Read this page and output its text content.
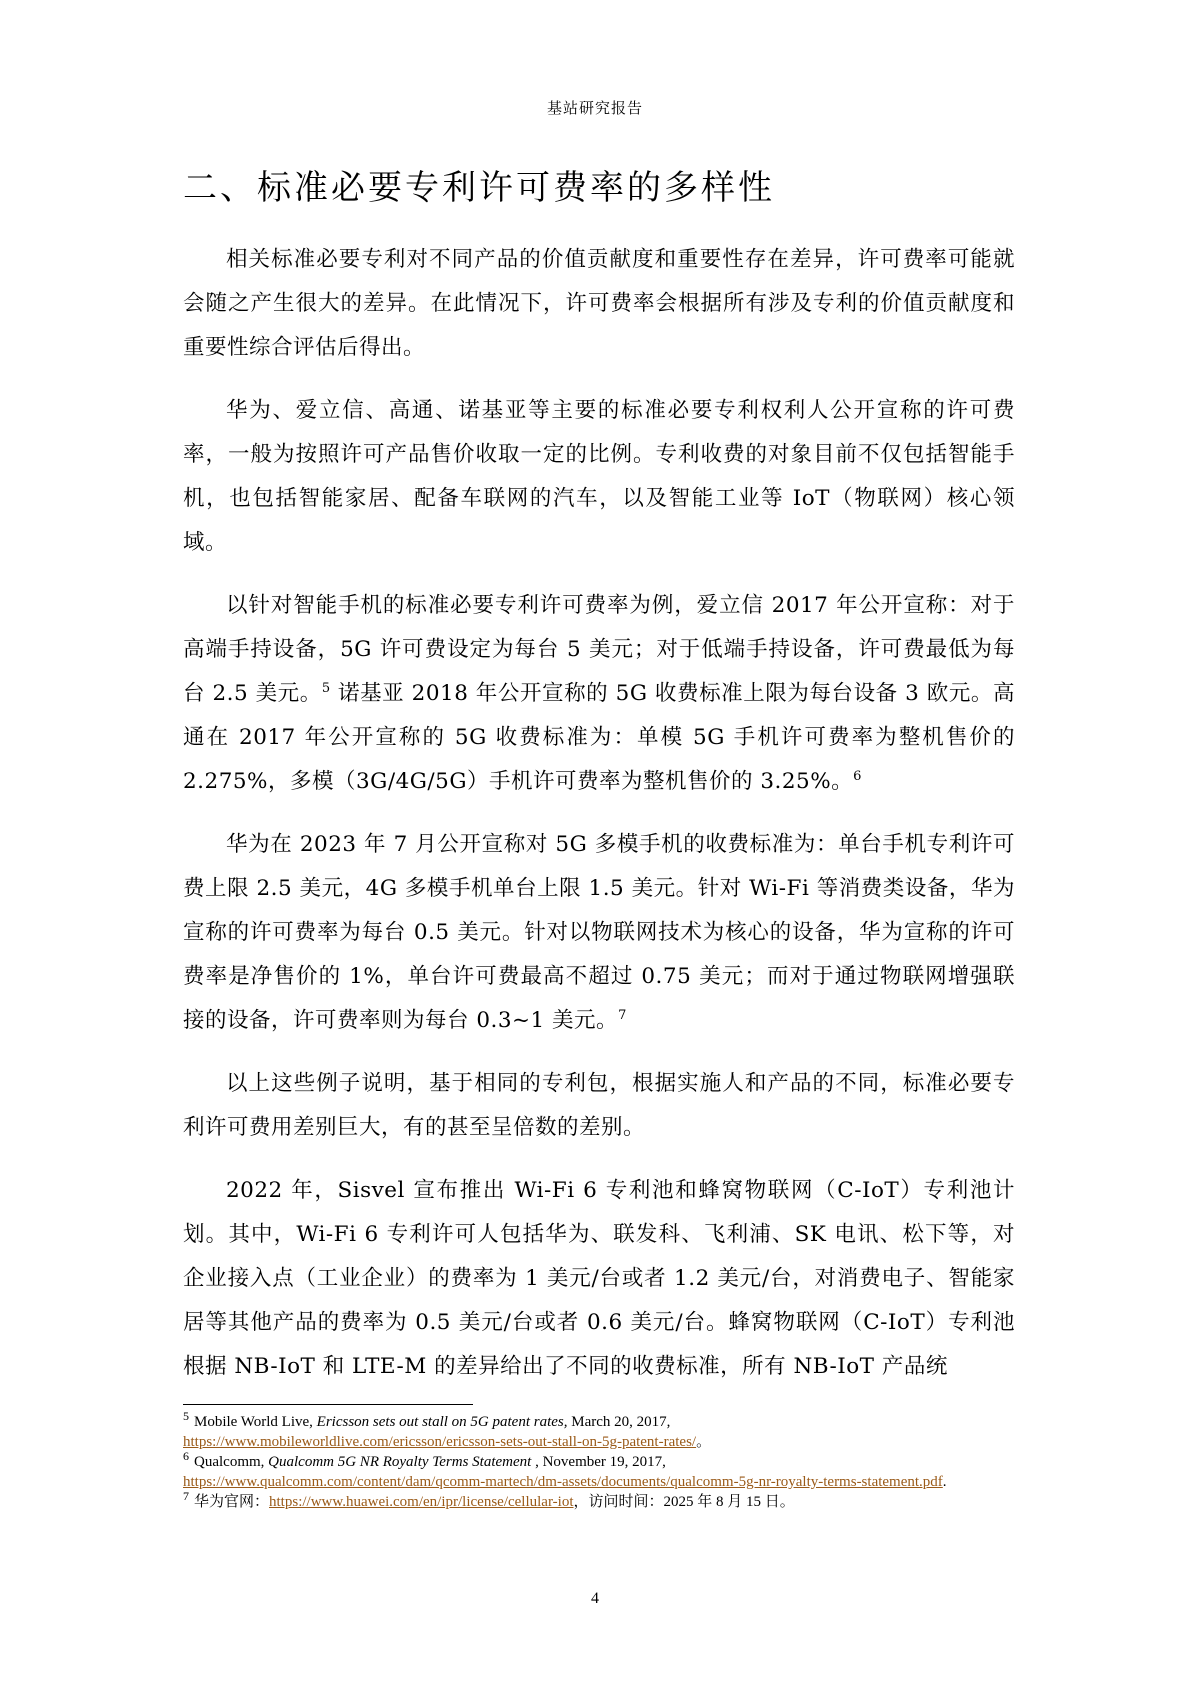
基站研究报告
二、标准必要专利许可费率的多样性

相关标准必要专利对不同产品的价值贡献度和重要性存在差异，许可费率可能就会随之产生很大的差异。在此情况下，许可费率会根据所有涉及专利的价值贡献度和重要性综合评估后得出。

华为、爱立信、高通、诺基亚等主要的标准必要专利权利人公开宣称的许可费率，一般为按照许可产品售价收取一定的比例。专利收费的对象目前不仅包括智能手机，也包括智能家居、配备车联网的汽车，以及智能工业等 IoT（物联网）核心领域。

以针对智能手机的标准必要专利许可费率为例，爱立信 2017 年公开宣称：对于高端手持设备，5G 许可费设定为每台 5 美元；对于低端手持设备，许可费最低为每台 2.5 美元。$^5$ 诺基亚 2018 年公开宣称的 5G 收费标准上限为每台设备 3 欧元。高通在 2017 年公开宣称的 5G 收费标准为：单模 5G 手机许可费率为整机售价的 2.275%，多模（3G/4G/5G）手机许可费率为整机售价的 3.25%。$^6$

华为在 2023 年 7 月公开宣称对 5G 多模手机的收费标准为：单台手机专利许可费上限 2.5 美元，4G 多模手机单台上限 1.5 美元。针对 Wi-Fi 等消费类设备，华为宣称的许可费率为每台 0.5 美元。针对以物联网技术为核心的设备，华为宣称的许可费率是净售价的 1%，单台许可费最高不超过 0.75 美元；而对于通过物联网增强联接的设备，许可费率则为每台 0.3~1 美元。$^7$

以上这些例子说明，基于相同的专利包，根据实施人和产品的不同，标准必要专利许可费用差别巨大，有的甚至呈倍数的差别。

2022 年，Sisvel 宣布推出 Wi-Fi 6 专利池和蜂窝物联网（C-IoT）专利池计划。其中，Wi-Fi 6 专利许可人包括华为、联发科、飞利浦、SK 电讯、松下等，对企业接入点（工业企业）的费率为 1 美元/台或者 1.2 美元/台，对消费电子、智能家居等其他产品的费率为 0.5 美元/台或者 0.6 美元/台。蜂窝物联网（C-IoT）专利池根据 NB-IoT 和 LTE-M 的差异给出了不同的收费标准，所有 NB-IoT 产品统

$^5$ Mobile World Live, Ericsson sets out stall on 5G patent rates, March 20, 2017,
https://www.mobileworldlive.com/ericsson/ericsson-sets-out-stall-on-5g-patent-rates/。
$^6$ Qualcomm, Qualcomm 5G NR Royalty Terms Statement , November 19, 2017,
https://www.qualcomm.com/content/dam/qcomm-martech/dm-assets/documents/qualcomm-5g-nr-royalty-terms-statement.pdf.
$^7$ 华为官网：https://www.huawei.com/en/ipr/license/cellular-iot，访问时间：2025 年 8 月 15 日。
4
